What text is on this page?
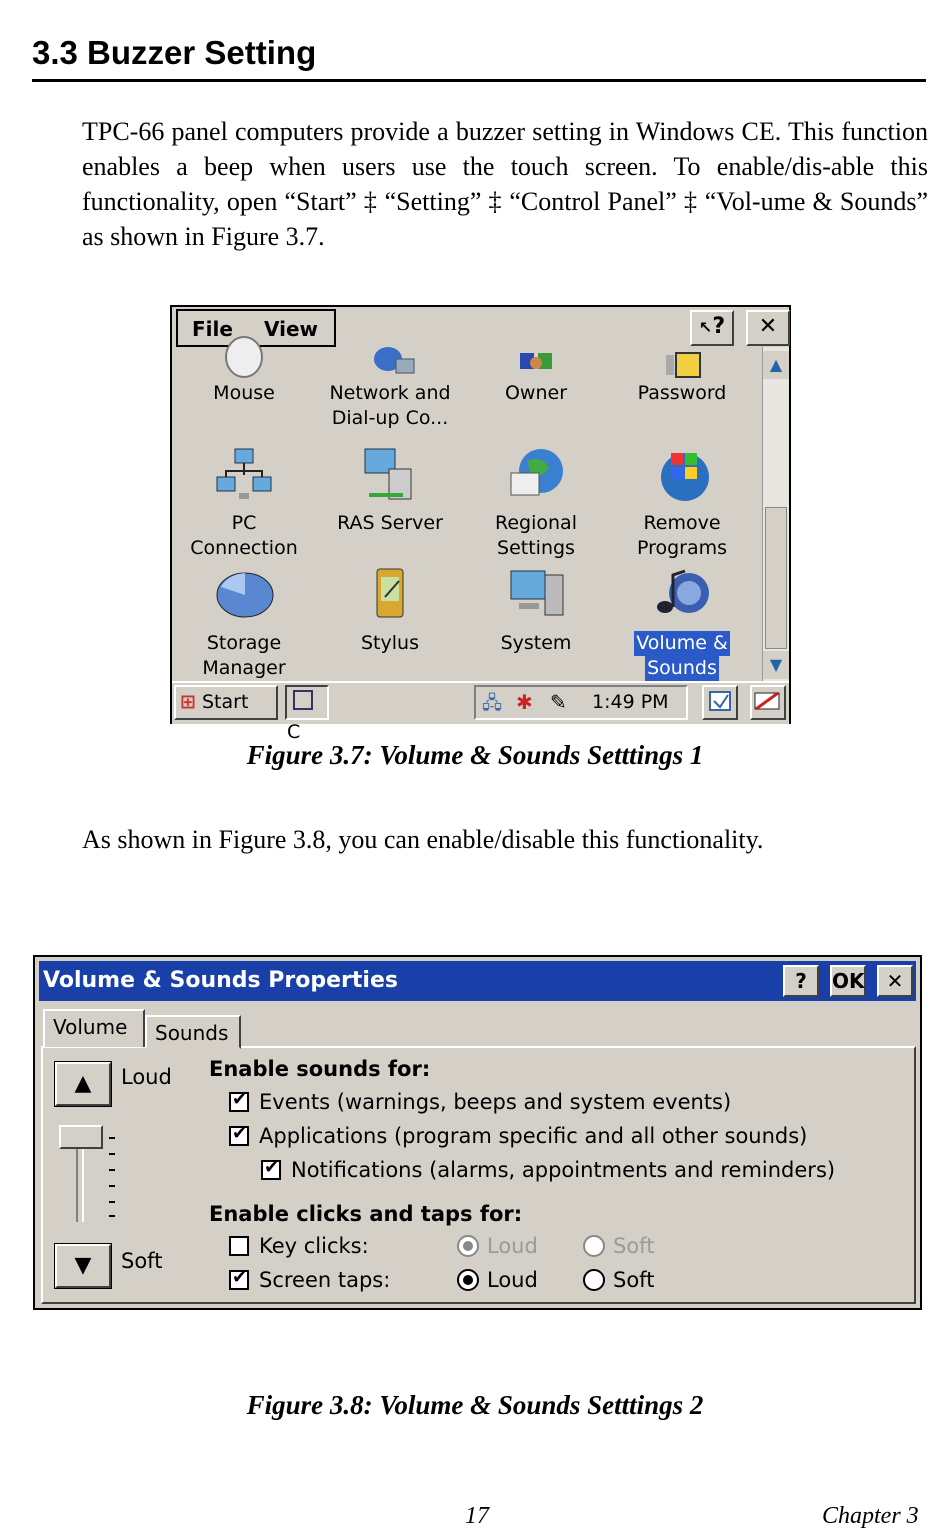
3.3 Buzzer Setting

TPC-66 panel computers provide a buzzer setting in Windows CE. This function enables a beep when users use the touch screen. To enable/dis-able this functionality, open “Start” ‡ “Setting” ‡ “Control Panel” ‡ “Vol-ume & Sounds” as shown in Figure 3.7.

File View	↖?	✕
Mouse	Network and
Dial-up Co...
Owner	Password
PC
Connection
RAS Server	Regional
Settings
Remove
Programs
Storage
Manager
Stylus	System	Volume &
Sounds
▲
▼
⊞ Start
C
🖧 ✱ ✎ 1:49 PM

Figure 3.7: Volume & Sounds Setttings 1

As shown in Figure 3.8, you can enable/disable this functionality.

Volume & Sounds Properties	?	OK	✕
Volume	Sounds
▲	Loud
▼	Soft
Enable sounds for:
✔Events (warnings, beeps and system events)
✔Applications (program specific and all other sounds)
✔Notifications (alarms, appointments and reminders)
Enable clicks and taps for:
Key clicks:	Loud	Soft
✔Screen taps:	Loud	Soft

Figure 3.8: Volume & Sounds Setttings 2

17	Chapter 3
